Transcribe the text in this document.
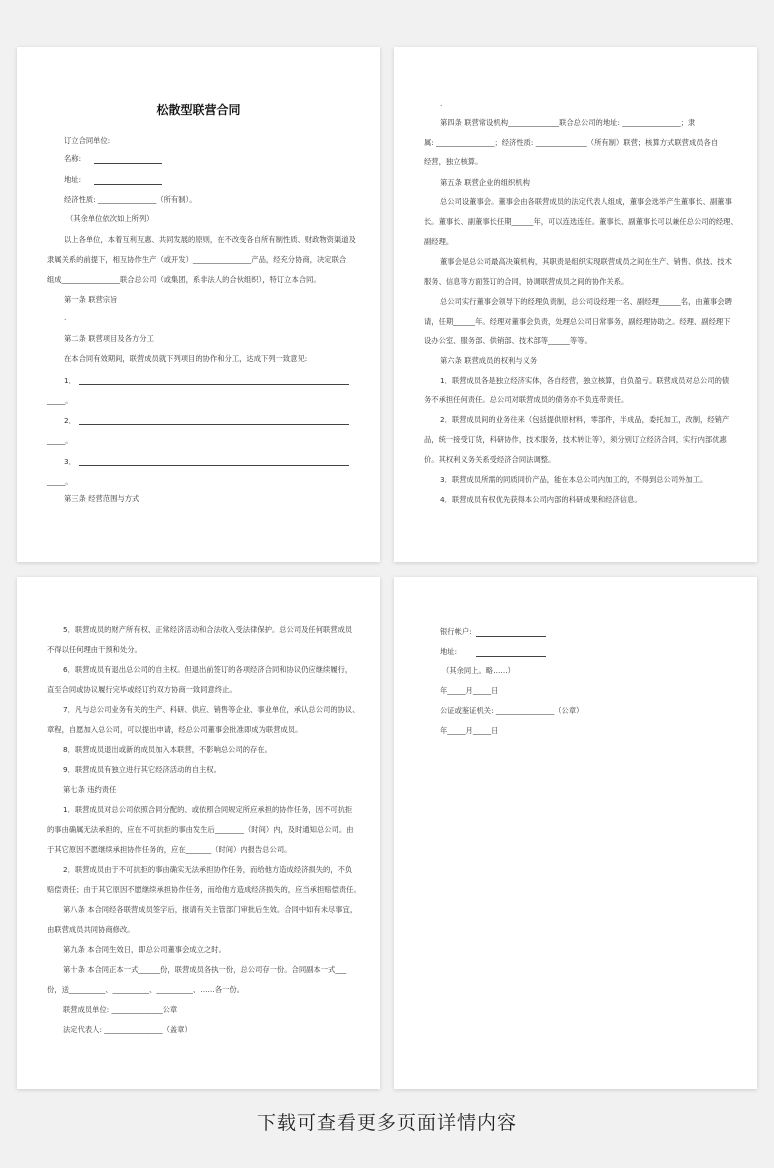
松散型联营合同
订立合同单位:
名称:
地址:
经济性质: ________________（所有制）。
（其余单位依次如上所列）
以上各单位，本着互利互惠、共同发展的原则，在不改变各自所有制性质、财政物资渠道及
隶属关系的前提下，相互协作生产（或开发）________________产品，经充分协商，决定联合
组成________________联合总公司（或集团，系非法人的合伙组织），特订立本合同。
第一条 联营宗旨
.
第二条 联营项目及各方分工
在本合同有效期间，联营成员就下列项目的协作和分工，达成下列一致意见:
1．
_____。
2．
_____。
3．
_____。
第三条 经营范围与方式
.
第四条 联营常设机构______________联合总公司的地址: ________________；隶
属: ________________；经济性质: ______________（所有制）联营；核算方式联营成员各自
经营，独立核算。
第五条 联营企业的组织机构
总公司设董事会。董事会由各联营成员的法定代表人组成，董事会选举产生董事长、副董事
长。董事长、副董事长任期______年，可以连选连任。董事长、副董事长可以兼任总公司的经理、
副经理。
董事会是总公司最高决策机构，其职责是组织实现联营成员之间在生产、销售、供技、技术
服务、信息等方面签订的合同，协调联营成员之间的协作关系。
总公司实行董事会领导下的经理负责制，总公司设经理一名、副经理______名，由董事会聘
请，任期______年。经理对董事会负责，处理总公司日常事务，副经理协助之。经理、副经理下
设办公室、服务部、供销部、技术部等______等等。
第六条 联营成员的权利与义务
1．联营成员各是独立经济实体，各自经营，独立核算，自负盈亏。联营成员对总公司的债
务不承担任何责任。总公司对联营成员的债务亦不负连带责任。
2．联营成员间的业务往来（包括提供原材料，零部件，半成品，委托加工，改制，经销产
品，统一接受订货，科研协作，技术服务，技术转让等），须分别订立经济合同，实行内部优惠
价。其权利义务关系受经济合同法调整。
3．联营成员所需的同质同价产品，能在本总公司内加工的，不得到总公司外加工。
4．联营成员有权优先获得本公司内部的科研成果和经济信息。
5．联营成员的财产所有权、正常经济活动和合法收入受法律保护。总公司及任何联营成员
不得以任何理由干预和处分。
6．联营成员有退出总公司的自主权。但退出前签订的各项经济合同和协议仍应继续履行，
直至合同或协议履行完毕或经订约双方协商一致同意终止。
7．凡与总公司业务有关的生产、科研、供应、销售等企业、事业单位，承认总公司的协议、
章程，自愿加入总公司，可以提出申请，经总公司董事会批准即成为联营成员。
8．联营成员退出或新的成员加入本联营，不影响总公司的存在。
9．联营成员有独立进行其它经济活动的自主权。
第七条 违约责任
1．联营成员对总公司依照合同分配的、或依照合同规定所应承担的协作任务，因不可抗拒
的事由确属无法承担的，应在不可抗拒的事由发生后________（时间）内，及时通知总公司。由
于其它原因不愿继续承担协作任务的，应在_______（时间）内报告总公司。
2．联营成员由于不可抗拒的事由确实无法承担协作任务，而给他方造成经济损失的，不负
赔偿责任；由于其它原因不愿继续承担协作任务，而给他方造成经济损失的，应当承担赔偿责任。
第八条 本合同经各联营成员签字后，报请有关主管部门审批后生效。合同中如有未尽事宜，
由联营成员共同协商修改。
第九条 本合同生效日，即总公司董事会成立之时。
第十条 本合同正本一式______份，联营成员各执一份，总公司存一份。合同副本一式___
份，送__________、__________、__________、……各一份。
联营成员单位: ______________公章
法定代表人: ________________（盖章）
银行帐户:
地址:
（其余同上。略……）
年_____月_____日
公证或鉴证机关: ________________（公章）
年_____月_____日
下载可查看更多页面详情内容
